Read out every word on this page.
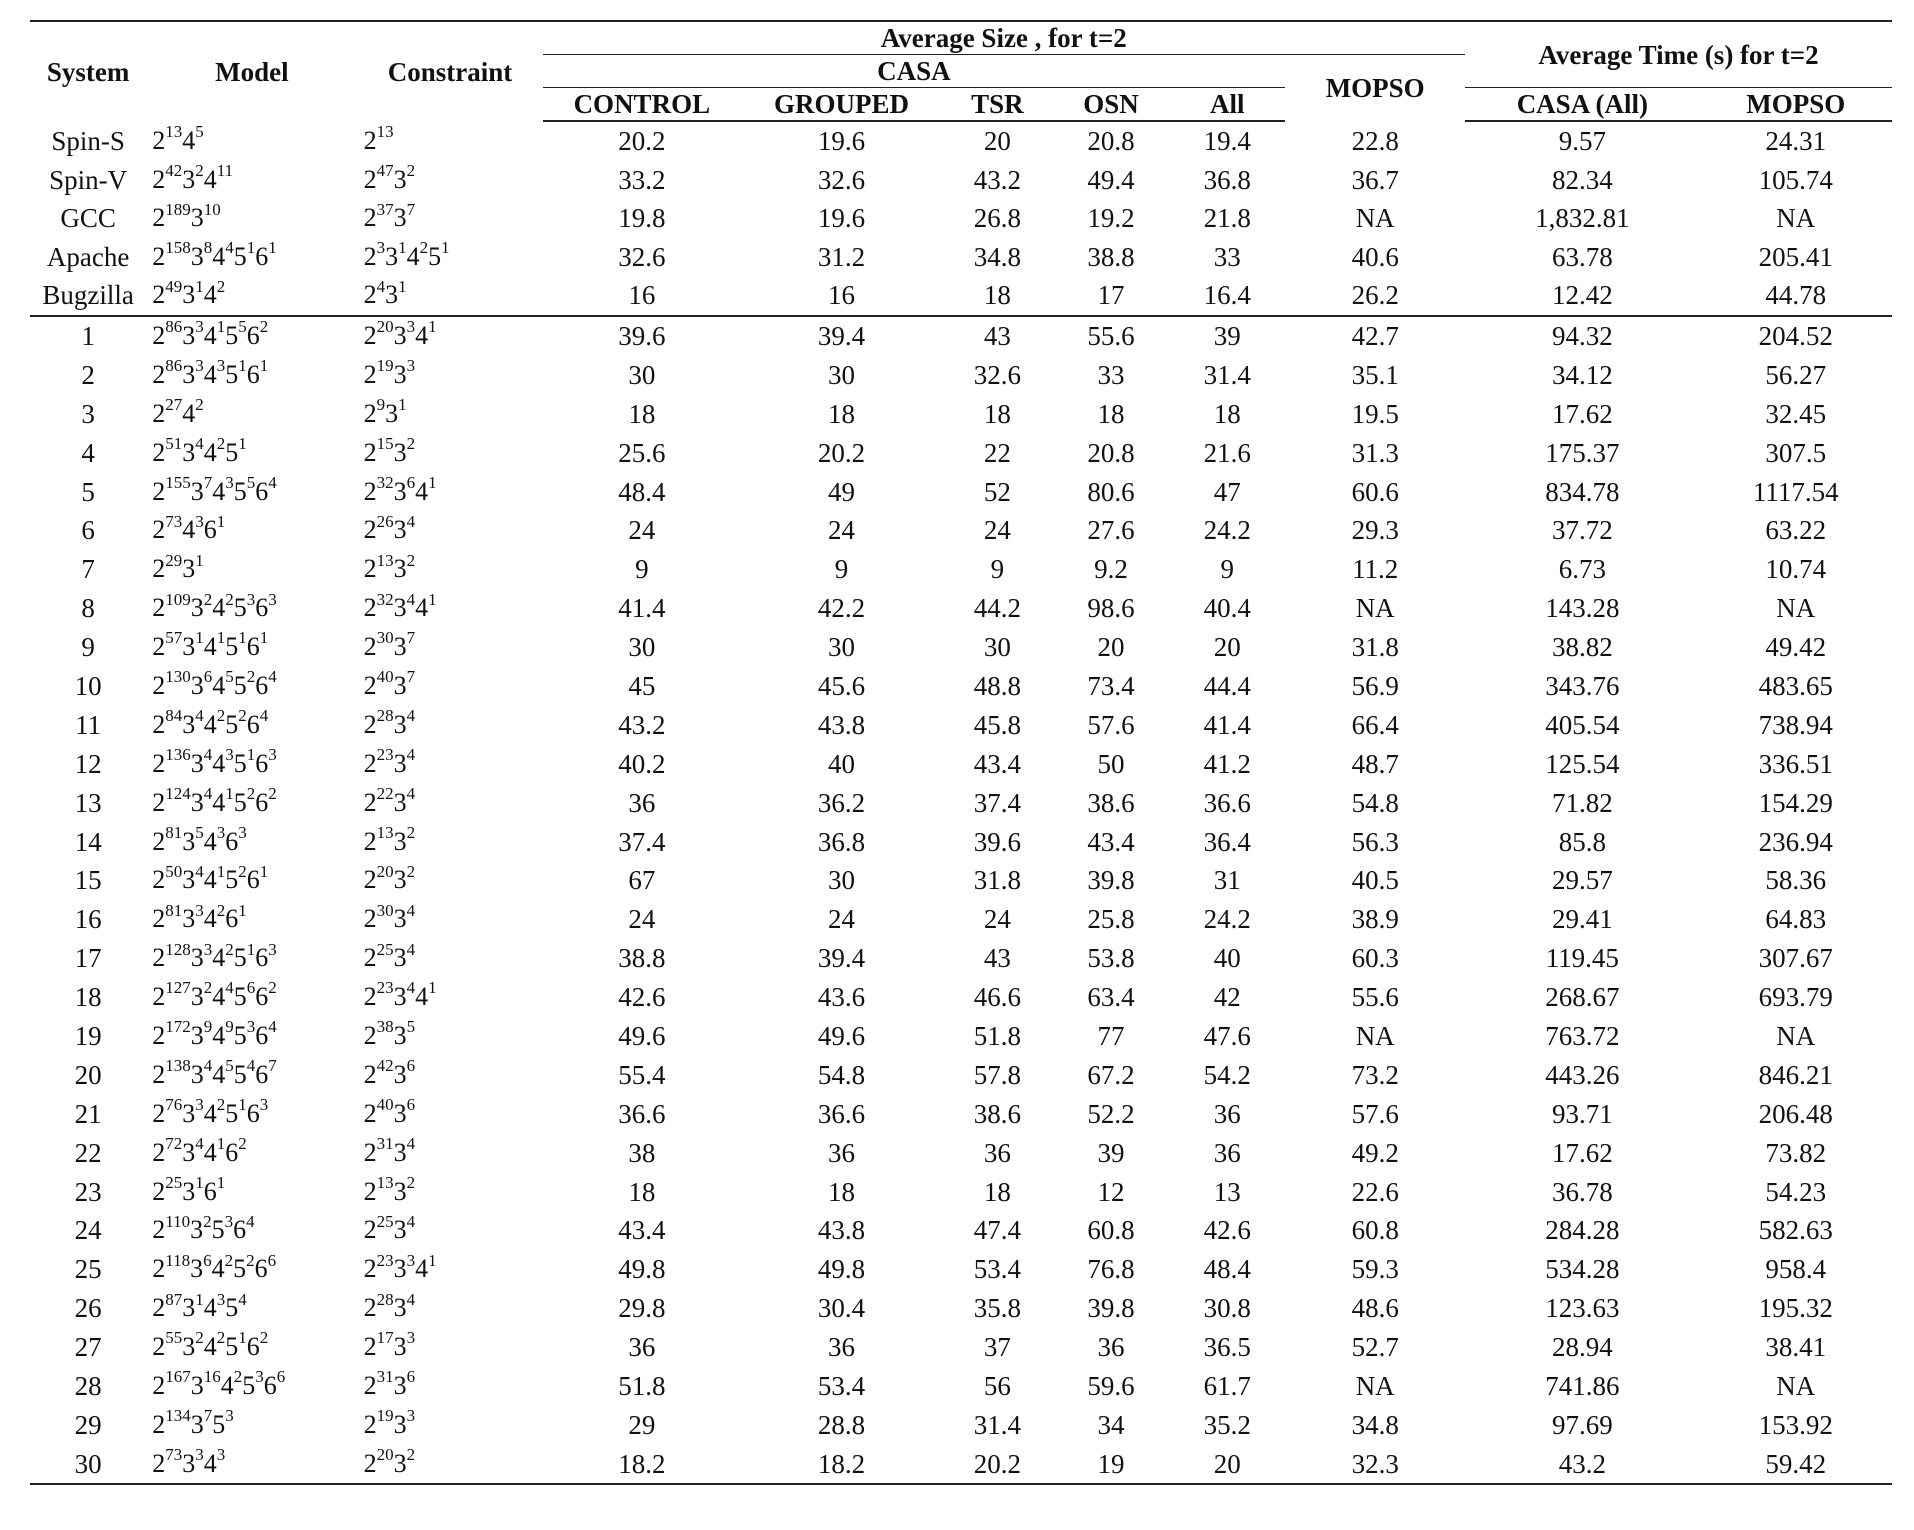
System	Model	Constraint	Average Size , for t=2						Average Time (s) for t=2	
			CASA					MOPSO		
			CONTROL	GROUPED	TSR	OSN	All		CASA (All)	MOPSO
Spin-S	$2^{13}4^5$	$2^{13}$	20.2	19.6	20	20.8	19.4	22.8	9.57	24.31
Spin-V	$2^{42}3^24^{11}$	$2^{47}3^2$	33.2	32.6	43.2	49.4	36.8	36.7	82.34	105.74
GCC	$2^{189}3^{10}$	$2^{37}3^7$	19.8	19.6	26.8	19.2	21.8	NA	1,832.81	NA
Apache	$2^{158}3^84^45^16^1$	$2^33^14^25^1$	32.6	31.2	34.8	38.8	33	40.6	63.78	205.41
Bugzilla	$2^{49}3^14^2$	$2^43^1$	16	16	18	17	16.4	26.2	12.42	44.78
1	$2^{86}3^34^15^56^2$	$2^{20}3^34^1$	39.6	39.4	43	55.6	39	42.7	94.32	204.52
2	$2^{86}3^34^35^16^1$	$2^{19}3^3$	30	30	32.6	33	31.4	35.1	34.12	56.27
3	$2^{27}4^2$	$2^93^1$	18	18	18	18	18	19.5	17.62	32.45
4	$2^{51}3^44^25^1$	$2^{15}3^2$	25.6	20.2	22	20.8	21.6	31.3	175.37	307.5
5	$2^{155}3^74^35^56^4$	$2^{32}3^64^1$	48.4	49	52	80.6	47	60.6	834.78	1117.54
6	$2^{73}4^36^1$	$2^{26}3^4$	24	24	24	27.6	24.2	29.3	37.72	63.22
7	$2^{29}3^1$	$2^{13}3^2$	9	9	9	9.2	9	11.2	6.73	10.74
8	$2^{109}3^24^25^36^3$	$2^{32}3^44^1$	41.4	42.2	44.2	98.6	40.4	NA	143.28	NA
9	$2^{57}3^14^15^16^1$	$2^{30}3^7$	30	30	30	20	20	31.8	38.82	49.42
10	$2^{130}3^64^55^26^4$	$2^{40}3^7$	45	45.6	48.8	73.4	44.4	56.9	343.76	483.65
11	$2^{84}3^44^25^26^4$	$2^{28}3^4$	43.2	43.8	45.8	57.6	41.4	66.4	405.54	738.94
12	$2^{136}3^44^35^16^3$	$2^{23}3^4$	40.2	40	43.4	50	41.2	48.7	125.54	336.51
13	$2^{124}3^44^15^26^2$	$2^{22}3^4$	36	36.2	37.4	38.6	36.6	54.8	71.82	154.29
14	$2^{81}3^54^36^3$	$2^{13}3^2$	37.4	36.8	39.6	43.4	36.4	56.3	85.8	236.94
15	$2^{50}3^44^15^26^1$	$2^{20}3^2$	67	30	31.8	39.8	31	40.5	29.57	58.36
16	$2^{81}3^34^26^1$	$2^{30}3^4$	24	24	24	25.8	24.2	38.9	29.41	64.83
17	$2^{128}3^34^25^16^3$	$2^{25}3^4$	38.8	39.4	43	53.8	40	60.3	119.45	307.67
18	$2^{127}3^24^45^66^2$	$2^{23}3^44^1$	42.6	43.6	46.6	63.4	42	55.6	268.67	693.79
19	$2^{172}3^94^95^36^4$	$2^{38}3^5$	49.6	49.6	51.8	77	47.6	NA	763.72	NA
20	$2^{138}3^44^55^46^7$	$2^{42}3^6$	55.4	54.8	57.8	67.2	54.2	73.2	443.26	846.21
21	$2^{76}3^34^25^16^3$	$2^{40}3^6$	36.6	36.6	38.6	52.2	36	57.6	93.71	206.48
22	$2^{72}3^44^16^2$	$2^{31}3^4$	38	36	36	39	36	49.2	17.62	73.82
23	$2^{25}3^16^1$	$2^{13}3^2$	18	18	18	12	13	22.6	36.78	54.23
24	$2^{110}3^25^36^4$	$2^{25}3^4$	43.4	43.8	47.4	60.8	42.6	60.8	284.28	582.63
25	$2^{118}3^64^25^26^6$	$2^{23}3^34^1$	49.8	49.8	53.4	76.8	48.4	59.3	534.28	958.4
26	$2^{87}3^14^35^4$	$2^{28}3^4$	29.8	30.4	35.8	39.8	30.8	48.6	123.63	195.32
27	$2^{55}3^24^25^16^2$	$2^{17}3^3$	36	36	37	36	36.5	52.7	28.94	38.41
28	$2^{167}3^{16}4^25^36^6$	$2^{31}3^6$	51.8	53.4	56	59.6	61.7	NA	741.86	NA
29	$2^{134}3^75^3$	$2^{19}3^3$	29	28.8	31.4	34	35.2	34.8	97.69	153.92
30	$2^{73}3^34^3$	$2^{20}3^2$	18.2	18.2	20.2	19	20	32.3	43.2	59.42
